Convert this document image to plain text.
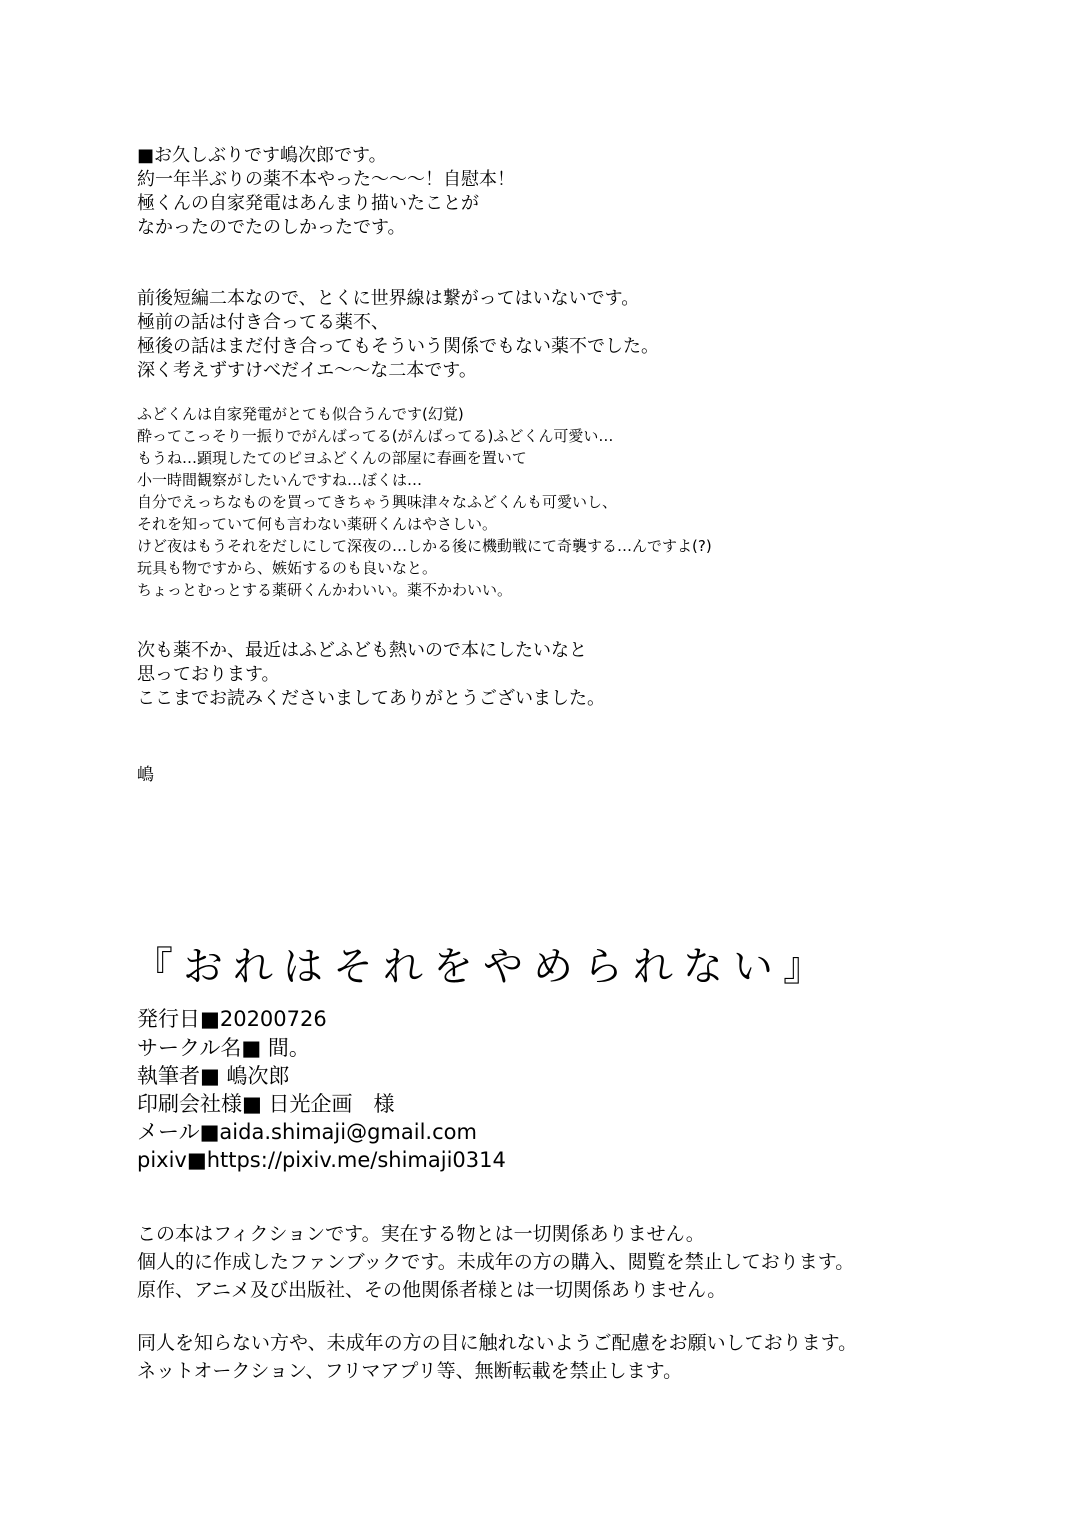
■お久しぶりです嶋次郎です。

約一年半ぶりの薬不本やった～～～！自慰本！

極くんの自家発電はあんまり描いたことが

なかったのでたのしかったです。

前後短編二本なので、とくに世界線は繋がってはいないです。

極前の話は付き合ってる薬不、

極後の話はまだ付き合ってもそういう関係でもない薬不でした。

深く考えずすけべだイエ～～な二本です。

ふどくんは自家発電がとても似合うんです(幻覚)

酔ってこっそり一振りでがんばってる(がんばってる)ふどくん可愛い…

もうね…顕現したてのピヨふどくんの部屋に春画を置いて

小一時間観察がしたいんですね…ぼくは…

自分でえっちなものを買ってきちゃう興味津々なふどくんも可愛いし、

それを知っていて何も言わない薬研くんはやさしい。

けど夜はもうそれをだしにして深夜の…しかる後に機動戦にて奇襲する…んですよ(?)

玩具も物ですから、嫉妬するのも良いなと。

ちょっとむっとする薬研くんかわいい。薬不かわいい。

次も薬不か、最近はふどふども熱いので本にしたいなと

思っております。

ここまでお読みくださいましてありがとうございました。

嶋

『おれはそれをやめられない』

発行日■20200726

サークル名■ 間。

執筆者■ 嶋次郎

印刷会社様■ 日光企画　様

メール■aida.shimaji@gmail.com

pixiv■https://pixiv.me/shimaji0314

この本はフィクションです。実在する物とは一切関係ありません。

個人的に作成したファンブックです。未成年の方の購入、閲覧を禁止しております。

原作、アニメ及び出版社、その他関係者様とは一切関係ありません。

同人を知らない方や、未成年の方の目に触れないようご配慮をお願いしております。

ネットオークション、フリマアプリ等、無断転載を禁止します。
